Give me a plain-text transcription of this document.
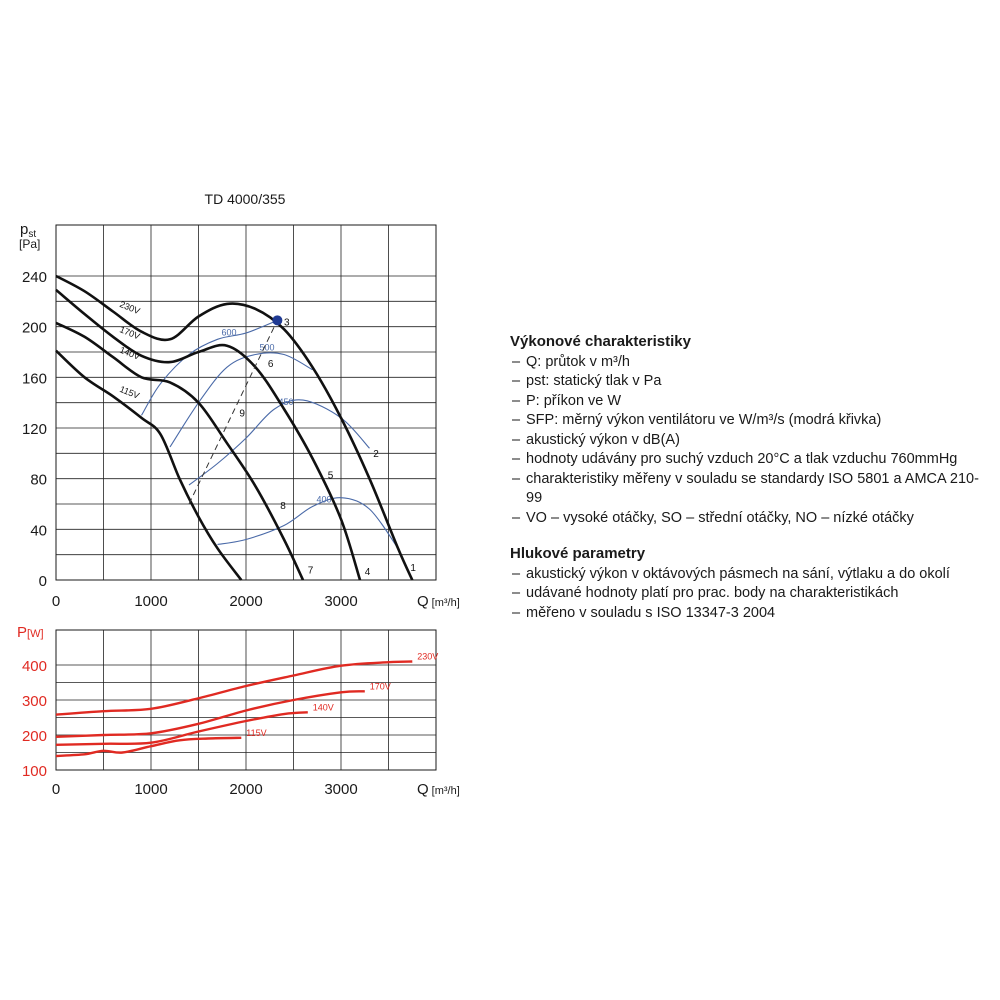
TD 4000/355
$p_{st}$
[Pa]
0
40
80
120
160
200
240
0	1000	2000	3000	Q [m³/h]
600
500
450
400
230V
170V
140V
115V
1
2
3
4
5
6
7
8
9
P[W]
100
200
300
400
0	1000	2000	3000	Q [m³/h]
230V
170V
140V
115V
Výkonové charakteristiky
– Q: průtok v m³/h
– pst: statický tlak v Pa
– P: příkon ve W
– SFP: měrný výkon ventilátoru ve W/m³/s (modrá křivka)
– akustický výkon v dB(A)
– hodnoty udávány pro suchý vzduch 20°C a tlak vzduchu 760mmHg
– charakteristiky měřeny v souladu se standardy ISO 5801 a AMCA 210-99
– VO – vysoké otáčky, SO – střední otáčky, NO – nízké otáčky
Hlukové parametry
– akustický výkon v oktávových pásmech na sání, výtlaku a do okolí
– udávané hodnoty platí pro prac. body na charakteristikách
– měřeno v souladu s ISO 13347-3 2004
